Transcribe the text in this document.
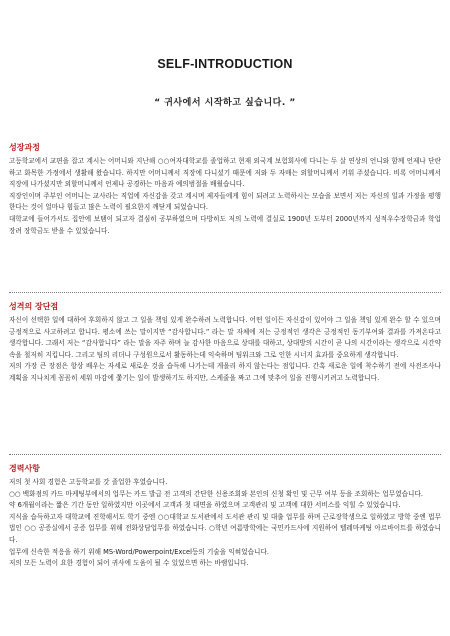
SELF-INTRODUCTION
“ 귀사에서 시작하고 싶습니다. ”
성장과정

고등학교에서 교편을 잡고 계시는 어머니와 지난해 ○○여자대학교를 졸업하고 현재 외국계 보험회사에 다니는 두 살 연상의 언니와 함께 언제나 단란하고 화목한 가정에서 생활해 왔습니다. 하지만 어머니께서 직장에 다니셨기 때문에 저와 두 자매는 외할머니께서 키워 주셨습니다. 비록 어머니께서 직장에 나가셨지만 외할머니께서 언제나 공경하는 마음과 예의범절을 배웠습니다.

직장인이며 주부인 어머니는 교사라는 직업에 자신감을 갖고 계시며 제자들에게 힘이 되려고 노력하시는 모습을 보면서 저는 자신의 일과 가정을 평행한다는 것이 얼마나 힘들고 많은 노력이 필요한지 깨닫게 되었습니다.

대학교에 들어가서도 집안에 보탬이 되고자 결심히 공부하였으며 다방히도 저의 노력에 결실로 1900년 도부터 2000년까지 성적우수장학금과 학업장려 장학금도 받을 수 있었습니다.

성격의 장단점

자신이 선택한 일에 대하여 후회하지 않고 그 일을 책임 있게 완수하려 노력합니다. 어떤 일이든 자신감이 있어야 그 일을 책임 있게 완수 할 수 있으며 긍정적으로 사고하려고 합니다. 평소에 쓰는 말이지만 “감사합니다.” 라는 말 자체에 저는 긍정적인 생각은 긍정적인 동기부여와 결과를 가져온다고 생각합니다. 그래서 저는 “감사합니다” 라는 말을 자주 하며 늘 감사한 마음으로 상대를 대하고, 상대방의 시간이 곧 나의 시간이라는 생각으로 시간약속을 철저히 지킵니다. 그리고 팀의 리더나 구성원으로서 활동하는데 익숙하며 팀워크와 그로 인한 시너지 효과를 중요하게 생각합니다.

저의 가장 큰 장점은 항상 배우는 자세로 새로운 것을 습득해 나가는데 게을리 하지 않는다는 점입니다. 간혹 새로운 일에 착수하기 전에 사전조사나 계획을 지나치게 꼼꼼히 세워 마감에 쫓기는 일이 발생하기도 하지만, 스케줄을 짜고 그에 맞추어 일을 진행시키려고 노력합니다.

경력사항

저의 첫 사회 경험은 고등학교를 갓 졸업한 후였습니다.

○○ 백화점의 카드 마케팅부에서의 업무는 카드 발급 전 고객의 간단한 신용조회와 본인의 신청 확인 및 근무 여부 등을 조회하는 업무였습니다.

약 6개월이라는 짧은 기간 동안 일하였지만 이곳에서 고객과 첫 대면을 하였으며 고객관리 및 고객에 대한 서비스를 익힐 수 있었습니다.

지식을 습득하고자 대학교에 진학해서도 학기 중엔 ○○대학교 도서관에서 도서관 관리 및 대출 업무를 하며 근로장학생으로 일하였고 방학 중엔 법무법인 ○○ 공증실에서 공증 업무를 위해 전화상담업무를 하였습니다. ○학년 여름방학에는 국민카드사에 지원하여 텔레마케팅 아르바이트를 하였습니다.

업무에 신속한 적응을 하기 위해 MS-Word/Powerpoint/Excel등의 기술을 익혀었습니다.

저의 모든 노력이 요한 경험이 되어 귀사에 도움이 될 수 있었으면 하는 바램입니다.
